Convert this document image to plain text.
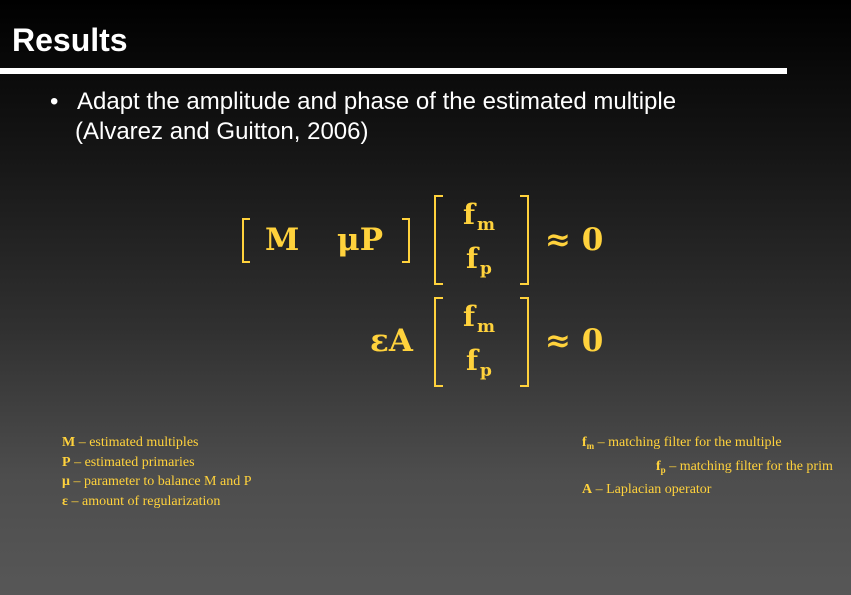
Results
• Adapt the amplitude and phase of the estimated multiple
(Alvarez and Guitton, 2006)
M μP
f m
f p
≈ 0
εA
f m
f p
≈ 0
M – estimated multiples
P – estimated primaries
μ – parameter to balance M and P
ε – amount of regularization
$f_m$ – matching filter for the multiple
$f_p$ – matching filter for the prim
A – Laplacian operator
